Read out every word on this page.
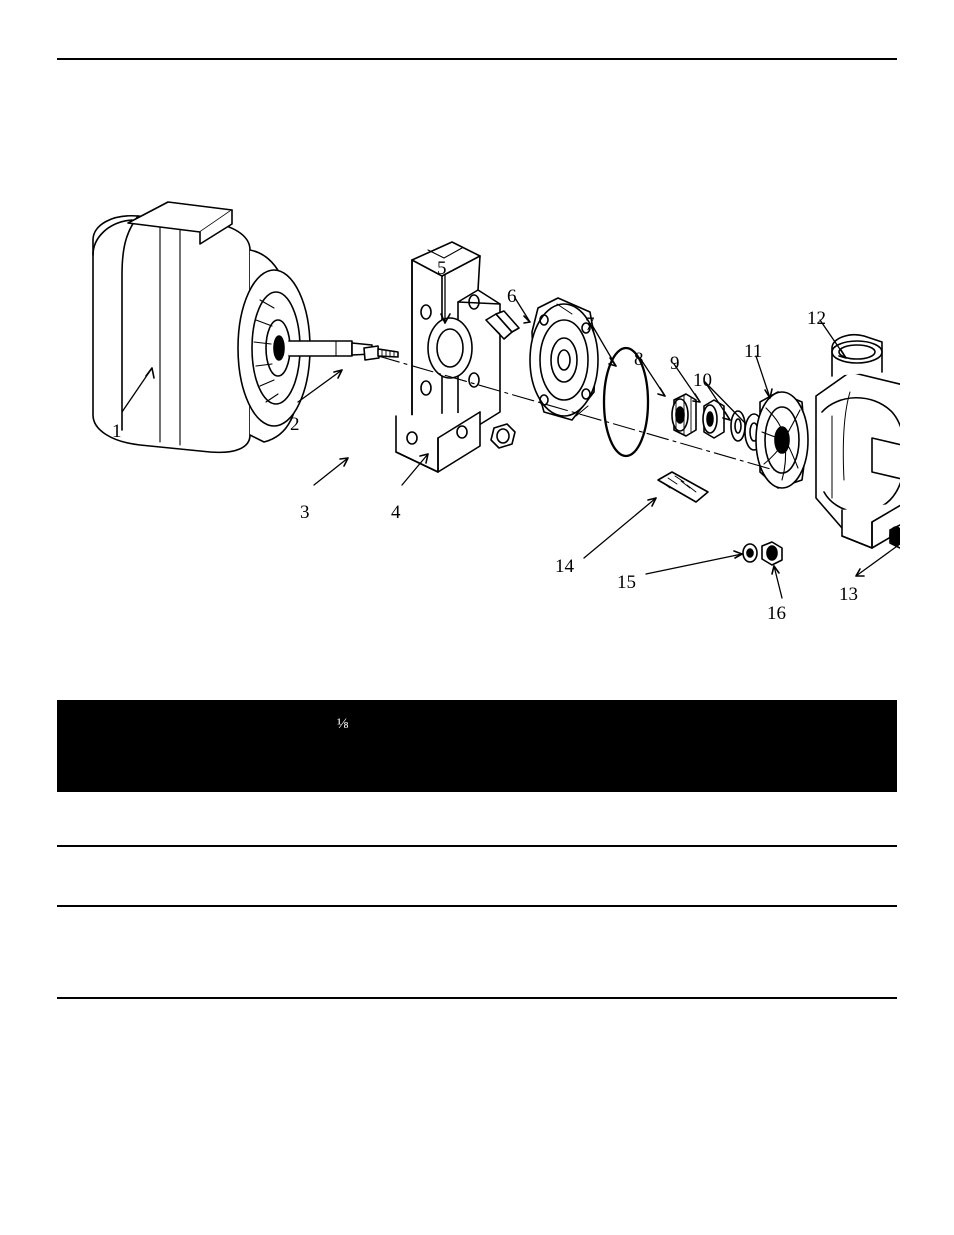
1	2
3	4
5
6
7
8 9
10
11
12
13
14
15
16
⅛
